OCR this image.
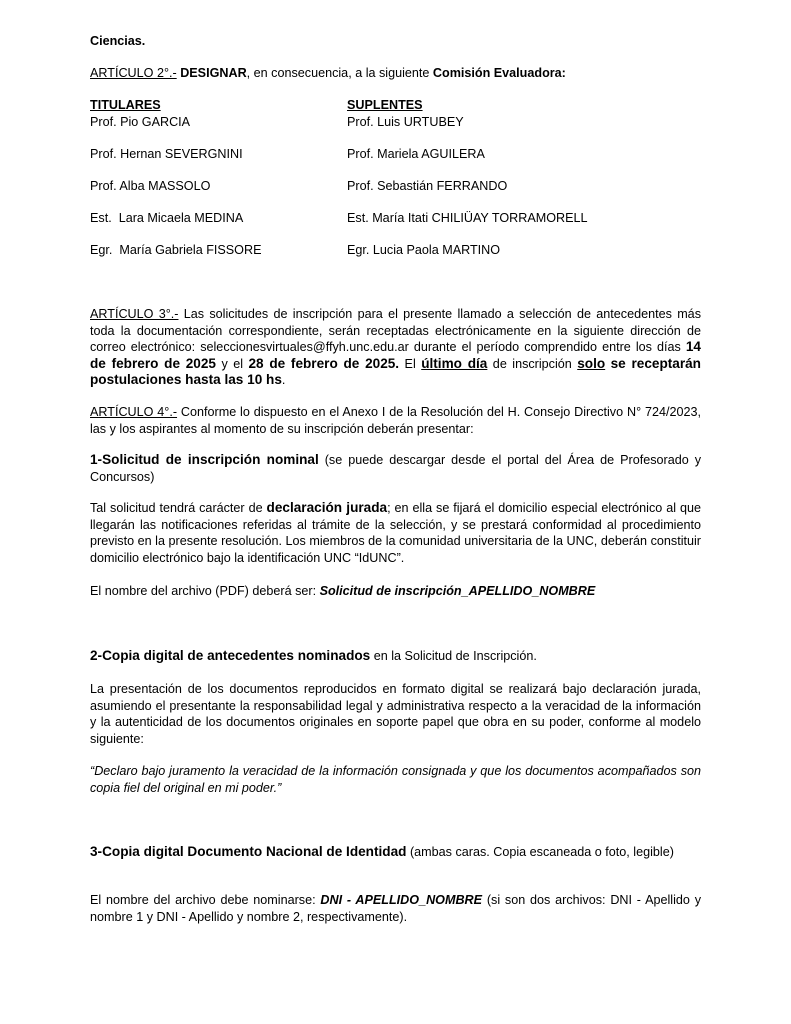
Ciencias.

ARTÍCULO 2°.- DESIGNAR, en consecuencia, a la siguiente Comisión Evaluadora:

TITULARES	SUPLENTES

Prof. Pio GARCIA

Prof. Hernan SEVERGNINI

Prof. Alba MASSOLO

Est.  Lara Micaela MEDINA

Egr.  María Gabriela FISSORE

Prof. Luis URTUBEY

Prof. Mariela AGUILERA

Prof. Sebastián FERRANDO

Est. María Itati CHILIÜAY TORRAMORELL

Egr. Lucia Paola MARTINO

ARTÍCULO 3°.- Las solicitudes de inscripción para el presente llamado a selección de antecedentes más toda la documentación correspondiente, serán receptadas electrónicamente en la siguiente dirección de correo electrónico: seleccionesvirtuales@ffyh.unc.edu.ar durante el período comprendido entre los días 14 de febrero de 2025 y el 28 de febrero de 2025. El último día de inscripción solo se receptarán postulaciones hasta las 10 hs.

ARTÍCULO 4°.- Conforme lo dispuesto en el Anexo I de la Resolución del H. Consejo Directivo N° 724/2023, las y los aspirantes al momento de su inscripción deberán presentar:

1-Solicitud de inscripción nominal (se puede descargar desde el portal del Área de Profesorado y Concursos)

Tal solicitud tendrá carácter de declaración jurada; en ella se fijará el domicilio especial electrónico al que llegarán las notificaciones referidas al trámite de la selección, y se prestará conformidad al procedimiento previsto en la presente resolución. Los miembros de la comunidad universitaria de la UNC, deberán constituir domicilio electrónico bajo la identificación UNC “IdUNC”.

El nombre del archivo (PDF) deberá ser: Solicitud de inscripción_APELLIDO_NOMBRE

2-Copia digital de antecedentes nominados en la Solicitud de Inscripción.

La presentación de los documentos reproducidos en formato digital se realizará bajo declaración jurada, asumiendo el presentante la responsabilidad legal y administrativa respecto a la veracidad de la información y la autenticidad de los documentos originales en soporte papel que obra en su poder, conforme al modelo siguiente:

“Declaro bajo juramento la veracidad de la información consignada y que los documentos acompañados son copia fiel del original en mi poder.”

3-Copia digital Documento Nacional de Identidad (ambas caras. Copia escaneada o foto, legible)

El nombre del archivo debe nominarse: DNI - APELLIDO_NOMBRE (si son dos archivos: DNI - Apellido y nombre 1 y DNI - Apellido y nombre 2, respectivamente).
